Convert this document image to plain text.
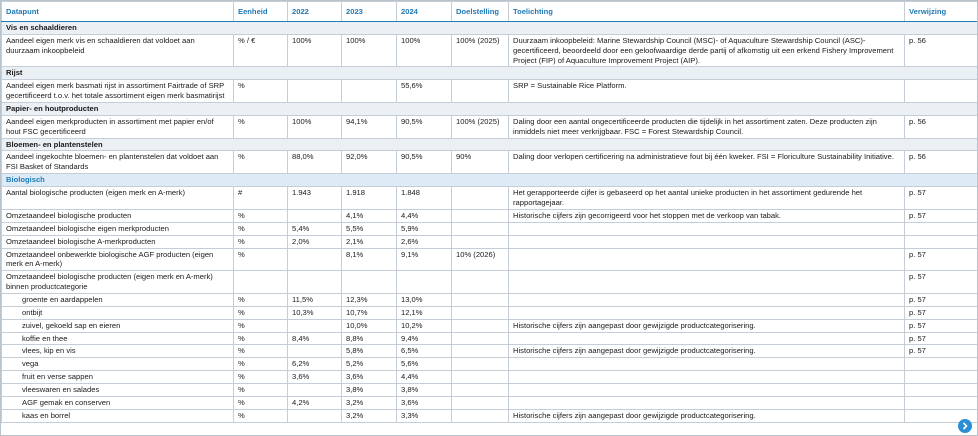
Datapunt	Eenheid	2022	2023	2024	Doelstelling	Toelichting	Verwijzing
Vis en schaaldieren							
Aandeel eigen merk vis en schaaldieren dat voldoet aan duurzaam inkoopbeleid	% / €	100%	100%	100%	100% (2025)	Duurzaam inkoopbeleid: Marine Stewardship Council (MSC)- of Aquaculture Stewardship Council (ASC)-gecertificeerd, beoordeeld door een geloofwaardige derde partij of afkomstig uit een erkend Fishery Improvement Project (FIP) of Aquaculture Improvement Project (AIP).	p. 56
Rijst							
Aandeel eigen merk basmati rijst in assortiment Fairtrade of SRP gecertificeerd t.o.v. het totale assortiment eigen merk basmatirijst	%			55,6%		SRP = Sustainable Rice Platform.	
Papier- en houtproducten							
Aandeel eigen merkproducten in assortiment met papier en/of hout FSC gecertificeerd	%	100%	94,1%	90,5%	100% (2025)	Daling door een aantal ongecertificeerde producten die tijdelijk in het assortiment zaten. Deze producten zijn inmiddels niet meer verkrijgbaar. FSC = Forest Stewardship Council.	p. 56
Bloemen- en plantenstelen							
Aandeel ingekochte bloemen- en plantenstelen dat voldoet aan FSI Basket of Standards	%	88,0%	92,0%	90,5%	90%	Daling door verlopen certificering na administratieve fout bij één kweker. FSI = Floriculture Sustainability Initiative.	p. 56
Biologisch							
Aantal biologische producten (eigen merk en A-merk)	#	1.943	1.918	1.848		Het gerapporteerde cijfer is gebaseerd op het aantal unieke producten in het assortiment gedurende het rapportagejaar.	p. 57
Omzetaandeel biologische producten	%		4,1%	4,4%		Historische cijfers zijn gecorrigeerd voor het stoppen met de verkoop van tabak.	p. 57
Omzetaandeel biologische eigen merkproducten	%	5,4%	5,5%	5,9%			
Omzetaandeel biologische A-merkproducten	%	2,0%	2,1%	2,6%			
Omzetaandeel onbewerkte biologische AGF producten (eigen merk en A-merk)	%		8,1%	9,1%	10% (2026)		p. 57
Omzetaandeel biologische producten (eigen merk en A-merk) binnen productcategorie							p. 57
groente en aardappelen	%	11,5%	12,3%	13,0%			p. 57
ontbijt	%	10,3%	10,7%	12,1%			p. 57
zuivel, gekoeld sap en eieren	%		10,0%	10,2%		Historische cijfers zijn aangepast door gewijzigde productcategorisering.	p. 57
koffie en thee	%	8,4%	8,8%	9,4%			p. 57
vlees, kip en vis	%		5,8%	6,5%		Historische cijfers zijn aangepast door gewijzigde productcategorisering.	p. 57
vega	%	6,2%	5,2%	5,6%			
fruit en verse sappen	%	3,6%	3,6%	4,4%			
vleeswaren en salades	%		3,8%	3,8%			
AGF gemak en conserven	%	4,2%	3,2%	3,6%			
kaas en borrel	%		3,2%	3,3%		Historische cijfers zijn aangepast door gewijzigde productcategorisering.	
